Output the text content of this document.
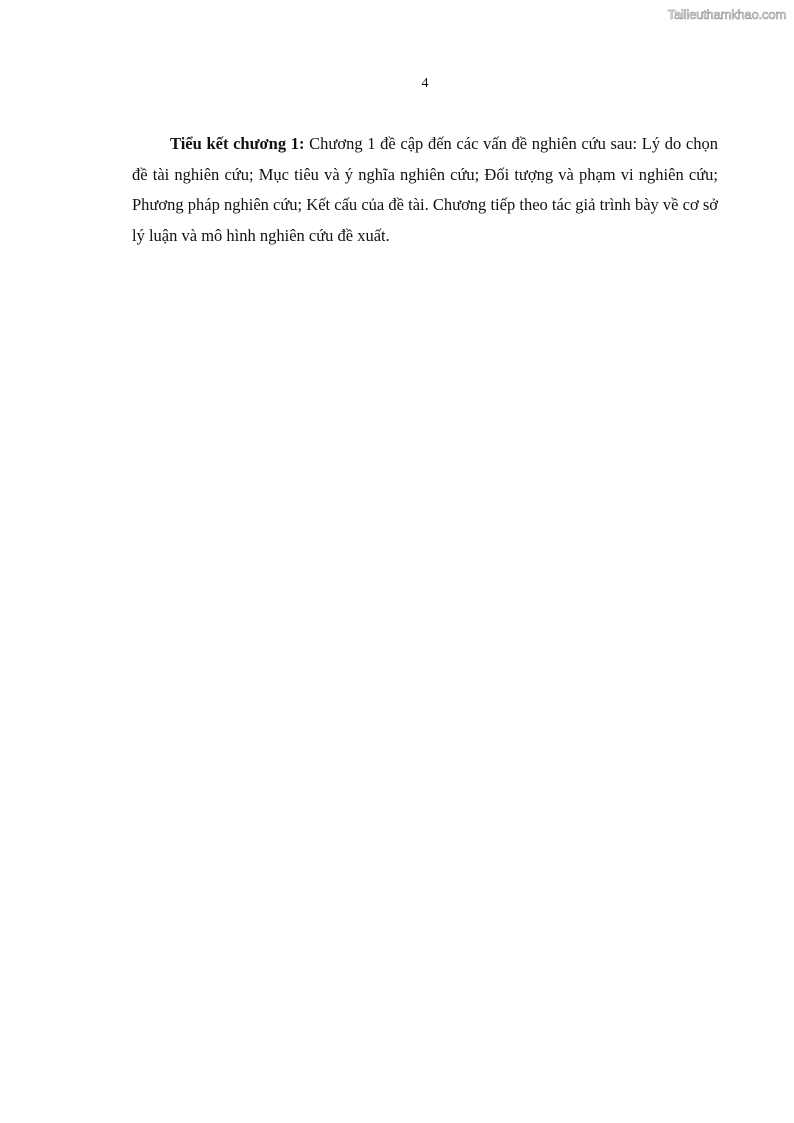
Tailieuthamkhao.com
4

Tiểu kết chương 1: Chương 1 đề cập đến các vấn đề nghiên cứu sau: Lý do chọn đề tài nghiên cứu; Mục tiêu và ý nghĩa nghiên cứu; Đối tượng và phạm vi nghiên cứu; Phương pháp nghiên cứu; Kết cấu của đề tài. Chương tiếp theo tác giả trình bày về cơ sở lý luận và mô hình nghiên cứu đề xuất.
